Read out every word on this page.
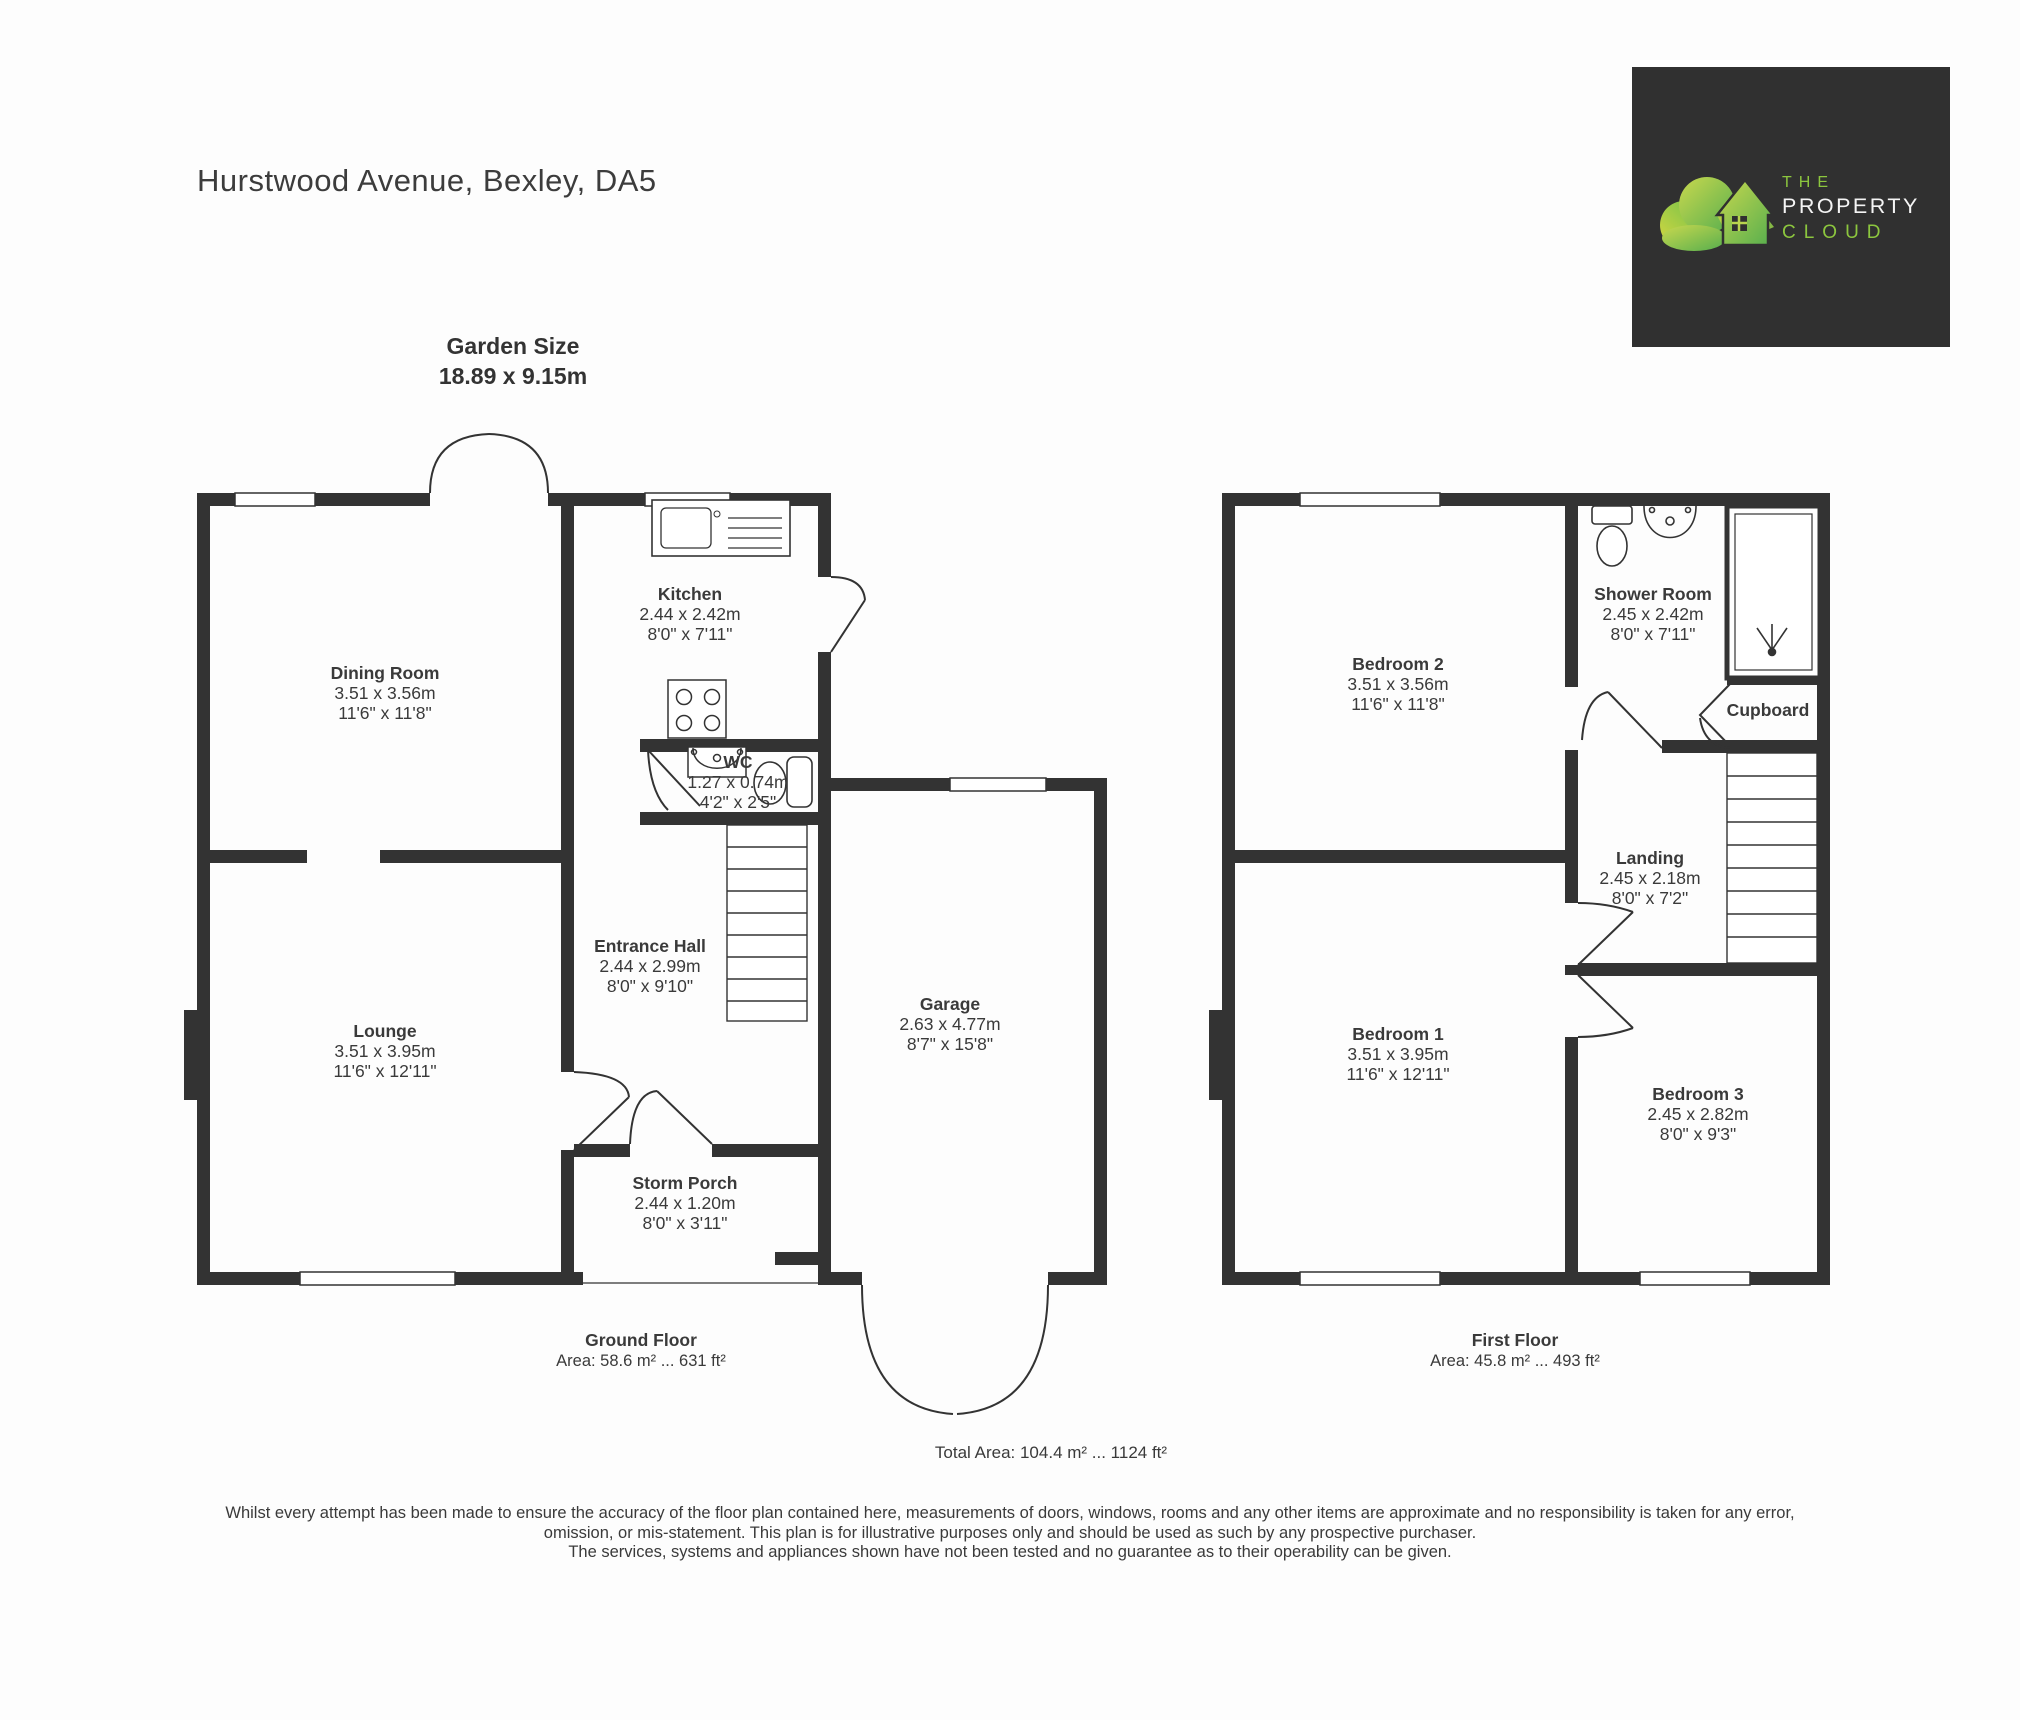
Hurstwood Avenue, Bexley, DA5	THE
PROPERTY
CLOUD
Garden Size
18.89 x 9.15m
Dining Room
3.51 x 3.56m
11'6" x 11'8"
Kitchen
2.44 x 2.42m
8'0" x 7'11"
WC
1.27 x 0.74m
4'2" x 2'5"
Entrance Hall
2.44 x 2.99m
8'0" x 9'10"
Lounge
3.51 x 3.95m
11'6" x 12'11"
Storm Porch
2.44 x 1.20m
8'0" x 3'11"
Garage
2.63 x 4.77m
8'7" x 15'8"
Bedroom 2
3.51 x 3.56m
11'6" x 11'8"
Shower Room
2.45 x 2.42m
8'0" x 7'11"
Cupboard
Landing
2.45 x 2.18m
8'0" x 7'2"
Bedroom 1
3.51 x 3.95m
11'6" x 12'11"
Bedroom 3
2.45 x 2.82m
8'0" x 9'3"
Ground Floor
Area: 58.6 m² ... 631 ft²
First Floor
Area: 45.8 m² ... 493 ft²
Total Area: 104.4 m² ... 1124 ft²
Whilst every attempt has been made to ensure the accuracy of the floor plan contained here, measurements of doors, windows, rooms and any other items are approximate and no responsibility is taken for any error,
omission, or mis-statement. This plan is for illustrative purposes only and should be used as such by any prospective purchaser.
The services, systems and appliances shown have not been tested and no guarantee as to their operability can be given.
